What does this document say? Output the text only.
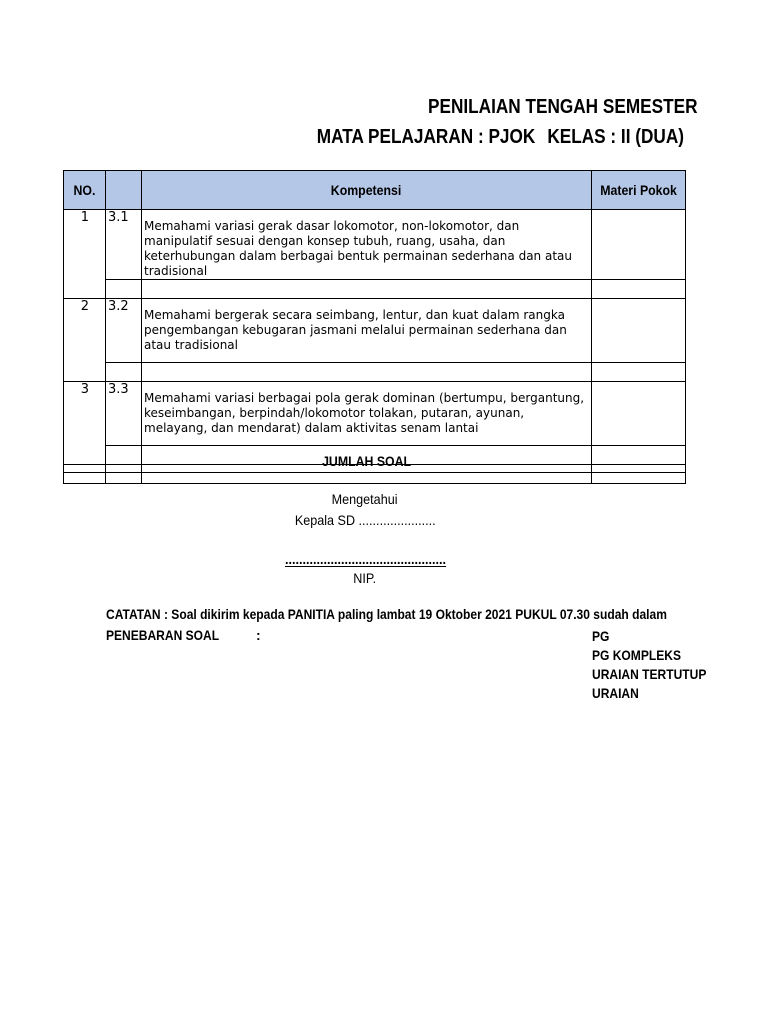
PENILAIAN TENGAH SEMESTER
MATA PELAJARAN : PJOK KELAS : II (DUA)
NO.		Kompetensi	Materi Pokok
1	3.1	Memahami variasi gerak dasar lokomotor, non-lokomotor, dan manipulatif sesuai dengan konsep tubuh, ruang, usaha, dan keterhubungan dalam berbagai bentuk permainan sederhana dan atau tradisional	

2	3.2	Memahami bergerak secara seimbang, lentur, dan kuat dalam rangka pengembangan kebugaran jasmani melalui permainan sederhana dan atau tradisional	

3	3.3	Memahami variasi berbagai pola gerak dominan (bertumpu, bergantung, keseimbangan, berpindah/lokomotor tolakan, putaran, ayunan, melayang, dan mendarat) dalam aktivitas senam lantai	

JUMLAH SOAL
Mengetahui
Kepala SD ......................
..............................................
NIP.
CATATAN : Soal dikirim kepada PANITIA paling lambat 19 Oktober 2021 PUKUL 07.30 sudah dalam
PENEBARAN SOAL	:	PG
PG KOMPLEKS
URAIAN TERTUTUP
URAIAN
